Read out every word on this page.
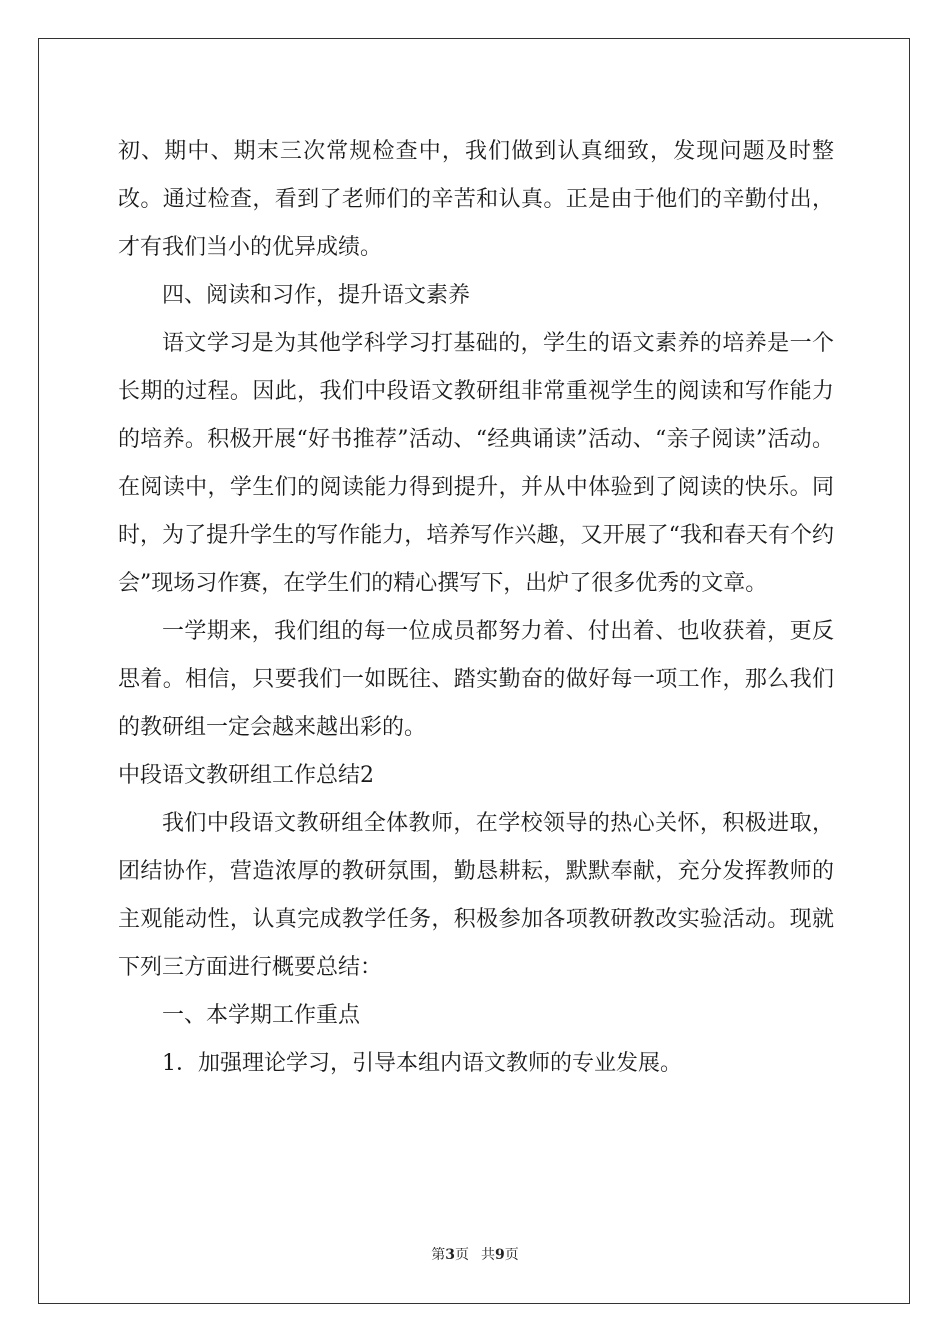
初、期中、期末三次常规检查中，我们做到认真细致，发现问题及时整改。通过检查，看到了老师们的辛苦和认真。正是由于他们的辛勤付出，才有我们当小的优异成绩。

四、阅读和习作，提升语文素养

语文学习是为其他学科学习打基础的，学生的语文素养的培养是一个长期的过程。因此，我们中段语文教研组非常重视学生的阅读和写作能力的培养。积极开展“好书推荐”活动、“经典诵读”活动、“亲子阅读”活动。在阅读中，学生们的阅读能力得到提升，并从中体验到了阅读的快乐。同时，为了提升学生的写作能力，培养写作兴趣，又开展了“我和春天有个约会”现场习作赛，在学生们的精心撰写下，出炉了很多优秀的文章。

一学期来，我们组的每一位成员都努力着、付出着、也收获着，更反思着。相信，只要我们一如既往、踏实勤奋的做好每一项工作，那么我们的教研组一定会越来越出彩的。

中段语文教研组工作总结2

我们中段语文教研组全体教师，在学校领导的热心关怀，积极进取，团结协作，营造浓厚的教研氛围，勤恳耕耘，默默奉献，充分发挥教师的主观能动性，认真完成教学任务，积极参加各项教研教改实验活动。现就下列三方面进行概要总结：

一、本学期工作重点

1．加强理论学习，引导本组内语文教师的专业发展。

第3页 共9页
